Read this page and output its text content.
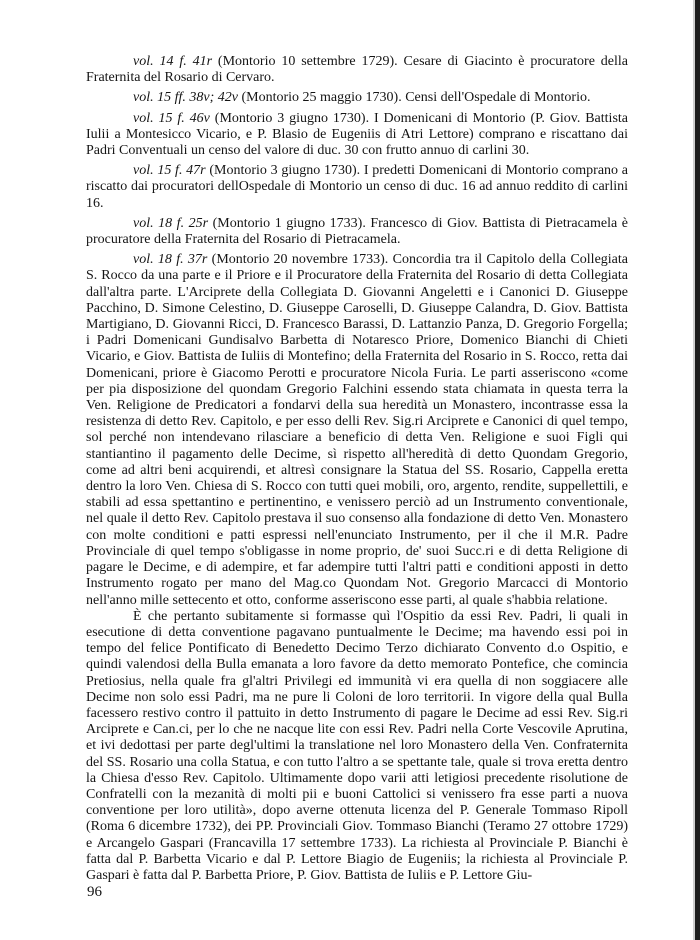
vol. 14 f. 41r (Montorio 10 settembre 1729). Cesare di Giacinto è procuratore della Fraternita del Rosario di Cervaro.

vol. 15 ff. 38v; 42v (Montorio 25 maggio 1730). Censi dell'Ospedale di Montorio.

vol. 15 f. 46v (Montorio 3 giugno 1730). I Domenicani di Montorio (P. Giov. Battista Iulii a Montesicco Vicario, e P. Blasio de Eugeniis di Atri Lettore) comprano e riscattano dai Padri Conventuali un censo del valore di duc. 30 con frutto annuo di carlini 30.

vol. 15 f. 47r (Montorio 3 giugno 1730). I predetti Domenicani di Montorio comprano a riscatto dai procuratori dellOspedale di Montorio un censo di duc. 16 ad annuo reddito di carlini 16.

vol. 18 f. 25r (Montorio 1 giugno 1733). Francesco di Giov. Battista di Pietracamela è procuratore della Fraternita del Rosario di Pietracamela.

vol. 18 f. 37r (Montorio 20 novembre 1733). Concordia tra il Capitolo della Collegiata S. Rocco da una parte e il Priore e il Procuratore della Fraternita del Rosario di detta Collegiata dall'altra parte. L'Arciprete della Collegiata D. Giovanni Angeletti e i Canonici D. Giuseppe Pacchino, D. Simone Celestino, D. Giuseppe Caroselli, D. Giuseppe Calandra, D. Giov. Battista Martigiano, D. Giovanni Ricci, D. Francesco Barassi, D. Lattanzio Panza, D. Gregorio Forgella; i Padri Domenicani Gundisalvo Barbetta di Notaresco Priore, Domenico Bianchi di Chieti Vicario, e Giov. Battista de Iuliis di Montefino; della Fraternita del Rosario in S. Rocco, retta dai Domenicani, priore è Giacomo Perotti e procuratore Nicola Furia. Le parti asseriscono «come per pia disposizione del quondam Gregorio Falchini essendo stata chiamata in questa terra la Ven. Religione de Predicatori a fondarvi della sua heredità un Monastero, incontrasse essa la resistenza di detto Rev. Capitolo, e per esso delli Rev. Sig.ri Arciprete e Canonici di quel tempo, sol perché non intendevano rilasciare a beneficio di detta Ven. Religione e suoi Figli qui stantiantino il pagamento delle Decime, sì rispetto all'heredità di detto Quondam Gregorio, come ad altri beni acquirendi, et altresì consignare la Statua del SS. Rosario, Cappella eretta dentro la loro Ven. Chiesa di S. Rocco con tutti quei mobili, oro, argento, rendite, suppellettili, e stabili ad essa spettantino e pertinentino, e venissero perciò ad un Instrumento conventionale, nel quale il detto Rev. Capitolo prestava il suo consenso alla fondazione di detto Ven. Monastero con molte conditioni e patti espressi nell'enunciato Instrumento, per il che il M.R. Padre Provinciale di quel tempo s'obligasse in nome proprio, de' suoi Succ.ri e di detta Religione di pagare le Decime, e di adempire, et far adempire tutti l'altri patti e conditioni apposti in detto Instrumento rogato per mano del Mag.co Quondam Not. Gregorio Marcacci di Montorio nell'anno mille settecento et otto, conforme asseriscono esse parti, al quale s'habbia relatione.

È che pertanto subitamente si formasse quì l'Ospitio da essi Rev. Padri, li quali in esecutione di detta conventione pagavano puntualmente le Decime; ma havendo essi poi in tempo del felice Pontificato di Benedetto Decimo Terzo dichiarato Convento d.o Ospitio, e quindi valendosi della Bulla emanata a loro favore da detto memorato Pontefice, che comincia Pretiosius, nella quale fra gl'altri Privilegi ed immunità vi era quella di non soggiacere alle Decime non solo essi Padri, ma ne pure li Coloni de loro territorii. In vigore della qual Bulla facessero restivo contro il pattuito in detto Instrumento di pagare le Decime ad essi Rev. Sig.ri Arciprete e Can.ci, per lo che ne nacque lite con essi Rev. Padri nella Corte Vescovile Aprutina, et ivi dedottasi per parte degl'ultimi la translatione nel loro Monastero della Ven. Confraternita del SS. Rosario una colla Statua, e con tutto l'altro a se spettante tale, quale si trova eretta dentro la Chiesa d'esso Rev. Capitolo. Ultimamente dopo varii atti letigiosi precedente risolutione de Confratelli con la mezanità di molti pii e buoni Cattolici si venissero fra esse parti a nuova conventione per loro utilità», dopo averne ottenuta licenza del P. Generale Tommaso Ripoll (Roma 6 dicembre 1732), dei PP. Provinciali Giov. Tommaso Bianchi (Teramo 27 ottobre 1729) e Arcangelo Gaspari (Francavilla 17 settembre 1733). La richiesta al Provinciale P. Bianchi è fatta dal P. Barbetta Vicario e dal P. Lettore Biagio de Eugeniis; la richiesta al Provinciale P. Gaspari è fatta dal P. Barbetta Priore, P. Giov. Battista de Iuliis e P. Lettore Giu-

96
